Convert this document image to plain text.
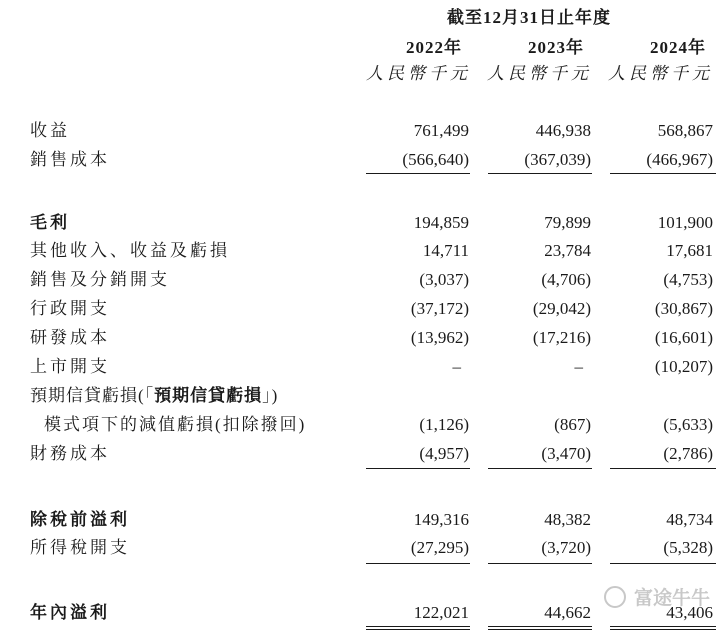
截至12月31日止年度
2022年	2023年	2024年
人民幣千元 人民幣千元 人民幣千元
收益	761,499	446,938	568,867
銷售成本	(566,640)	(367,039)	(466,967)
毛利	194,859	79,899	101,900
其他收入、收益及虧損	14,711	23,784	17,681
銷售及分銷開支	(3,037)	(4,706)	(4,753)
行政開支	(37,172)	(29,042)	(30,867)
研發成本	(13,962)	(17,216)	(16,601)
上市開支	–	–	(10,207)
預期信貸虧損(「預期信貸虧損」)
模式項下的減值虧損(扣除撥回)	(1,126)	(867)	(5,633)
財務成本	(4,957)	(3,470)	(2,786)
除稅前溢利	149,316	48,382	48,734
所得稅開支	(27,295)	(3,720)	(5,328)
富途牛牛
年內溢利	122,021	44,662	43,406
